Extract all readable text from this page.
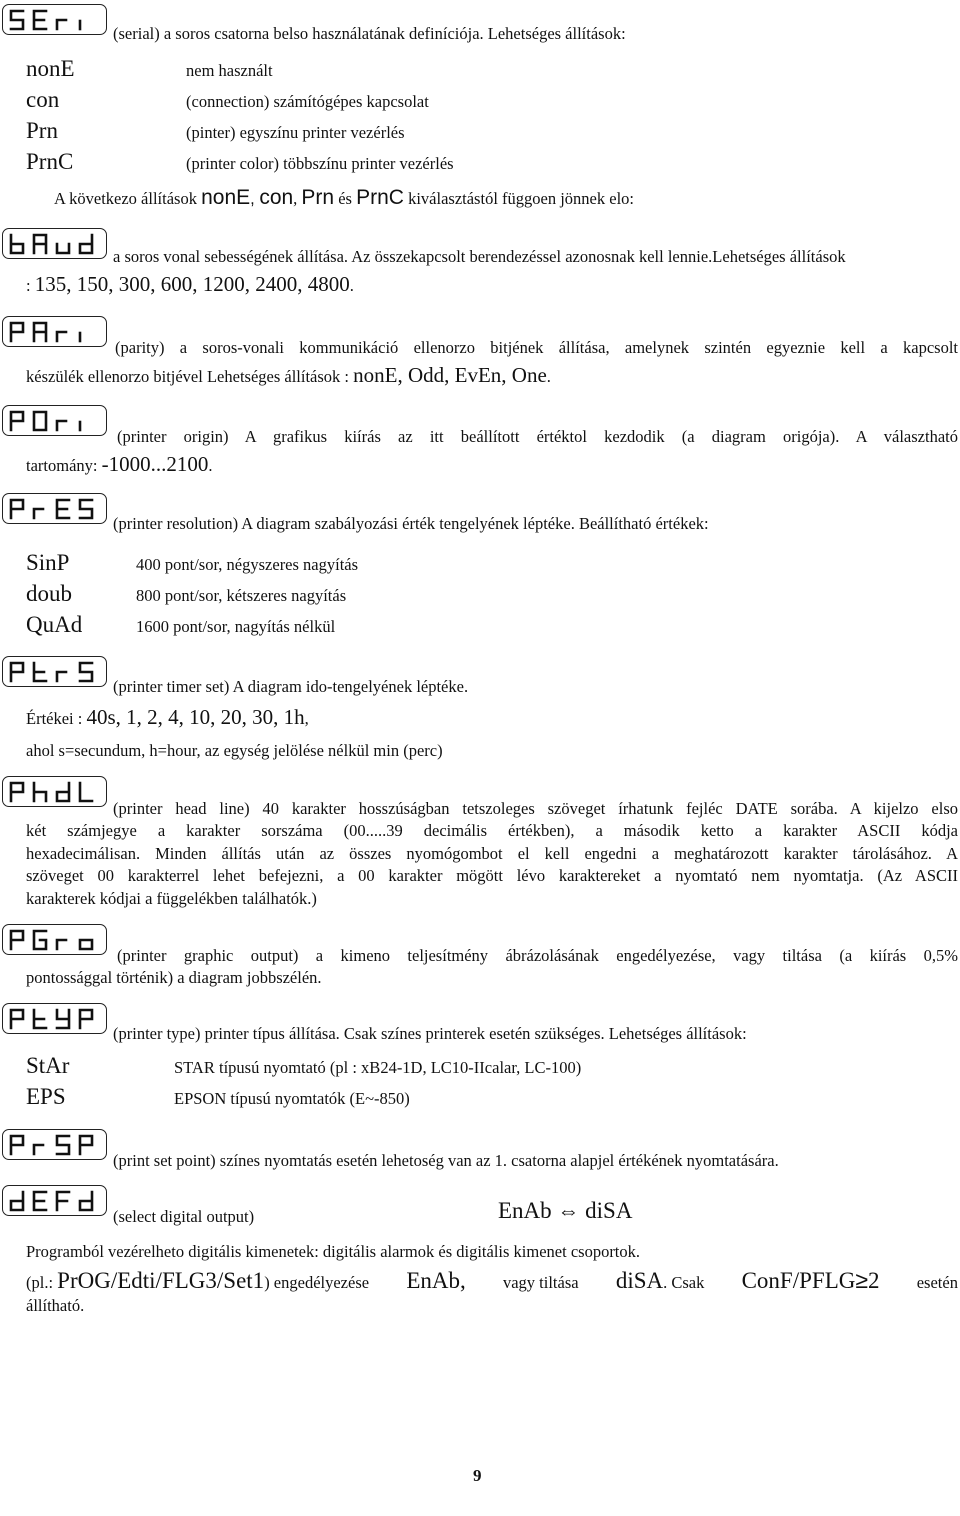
(serial) a soros csatorna belso használatának definíciója. Lehetséges állítások:
nonE	nem használt
con	(connection) számítógépes kapcsolat
Prn	(pinter) egyszínu printer vezérlés
PrnC	(printer color) többszínu printer vezérlés
A következo állítások nonE, con, Prn és PrnC kiválasztástól függoen jönnek elo:
a soros vonal sebességének állítása. Az összekapcsolt berendezéssel azonosnak kell lennie.Lehetséges állítások
: 135, 150, 300, 600, 1200, 2400, 4800.
(parity) a soros-vonali kommunikáció ellenorzo bitjének állítása, amelynek szintén egyeznie kell a kapcsolt
készülék ellenorzo bitjével Lehetséges állítások : nonE, Odd, EvEn, One.
(printer origin) A grafikus kiírás az itt beállított értéktol kezdodik (a diagram origója). A választható
tartomány: -1000...2100.
(printer resolution) A diagram szabályozási érték tengelyének léptéke. Beállítható értékek:
SinP	400 pont/sor, négyszeres nagyítás
doub	800 pont/sor, kétszeres nagyítás
QuAd	1600 pont/sor, nagyítás nélkül
(printer timer set) A diagram ido-tengelyének léptéke.
Értékei : 40s, 1, 2, 4, 10, 20, 30, 1h,
ahol s=secundum, h=hour, az egység jelölése nélkül min (perc)
(printer head line) 40 karakter hosszúságban tetszoleges szöveget írhatunk fejléc DATE sorába. A kijelzo elso
két számjegye a karakter sorszáma (00.....39 decimális értékben), a második ketto a karakter ASCII kódja
hexadecimálisan. Minden állítás után az összes nyomógombot el kell engedni a meghatározott karakter tárolásához. A
szöveget 00 karakterrel lehet befejezni, a 00 karakter mögött lévo karaktereket a nyomtató nem nyomtatja. (Az ASCII
karakterek kódjai a függelékben találhatók.)
(printer graphic output) a kimeno teljesítmény ábrázolásának engedélyezése, vagy tiltása (a kiírás 0,5%
pontossággal történik) a diagram jobbszélén.
(printer type) printer típus állítása. Csak színes printerek esetén szükséges. Lehetséges állítások:
StAr	STAR típusú nyomtató (pl : xB24-1D, LC10-IIcalar, LC-100)
EPS	EPSON típusú nyomtatók (E~-850)
(print set point) színes nyomtatás esetén lehetoség van az 1. csatorna alapjel értékének nyomtatására.
(select digital output)	EnAb ⇔ diSA
Programból vezérelheto digitális kimenetek: digitális alarmok és digitális kimenet csoportok.
(pl.: PrOG/Edti/FLG3/Set1) engedélyezése EnAb, vagy tiltása diSA. Csak ConF/PFLG≥2 esetén
állítható.
9
